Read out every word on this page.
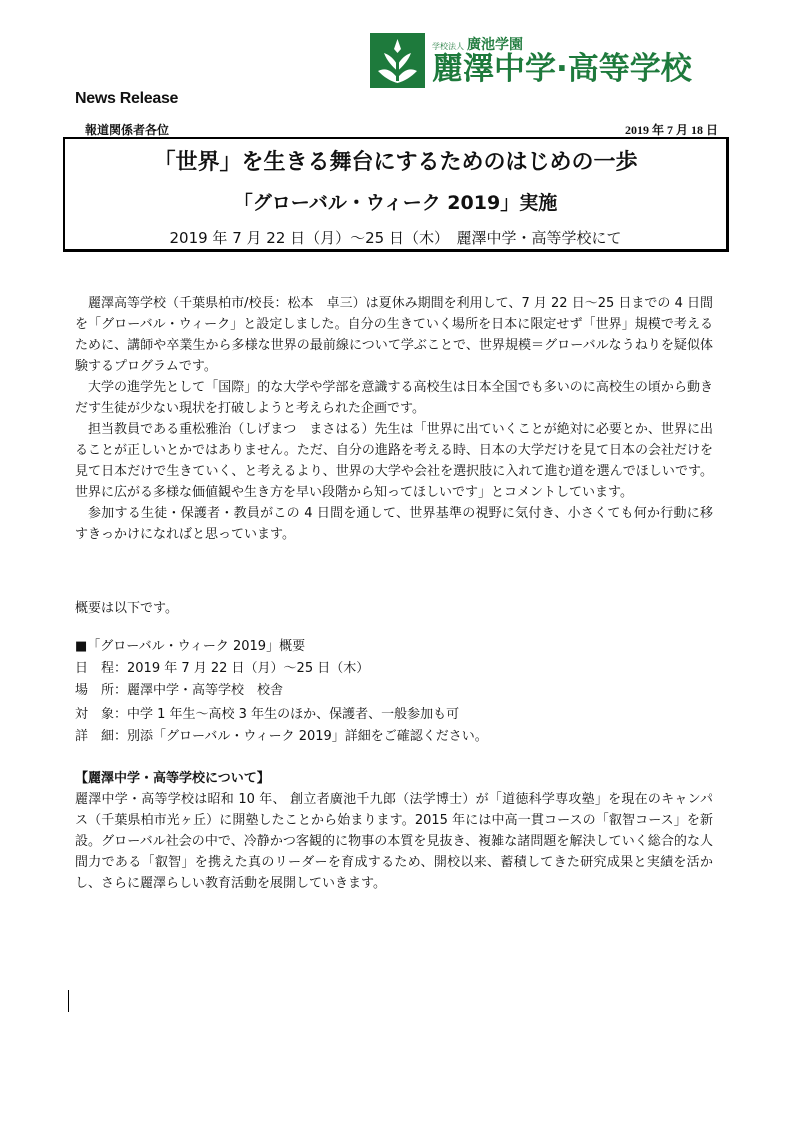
学校法人 廣池学園
麗澤中学·高等学校
News Release
報道関係者各位	2019 年 7 月 18 日
「世界」を生きる舞台にするためのはじめの一歩
「グローバル・ウィーク 2019」実施
2019 年 7 月 22 日（月）～25 日（木）　麗澤中学・高等学校にて

麗澤高等学校（千葉県柏市/校長：松本　卓三）は夏休み期間を利用して、7 月 22 日～25 日までの 4 日間を「グローバル・ウィーク」と設定しました。自分の生きていく場所を日本に限定せず「世界」規模で考えるために、講師や卒業生から多様な世界の最前線について学ぶことで、世界規模＝グローバルなうねりを疑似体験するプログラムです。

大学の進学先として「国際」的な大学や学部を意識する高校生は日本全国でも多いのに高校生の頃から動きだす生徒が少ない現状を打破しようと考えられた企画です。

担当教員である重松雅治（しげまつ　まさはる）先生は「世界に出ていくことが絶対に必要とか、世界に出ることが正しいとかではありません。ただ、自分の進路を考える時、日本の大学だけを見て日本の会社だけを見て日本だけで生きていく、と考えるより、世界の大学や会社を選択肢に入れて進む道を選んでほしいです。世界に広がる多様な価値観や生き方を早い段階から知ってほしいです」とコメントしています。

参加する生徒・保護者・教員がこの 4 日間を通して、世界基準の視野に気付き、小さくても何か行動に移すきっかけになればと思っています。

概要は以下です。
■「グローバル・ウィーク 2019」概要
日　程：2019 年 7 月 22 日（月）～25 日（木）
場　所：麗澤中学・高等学校　校舎
対　象：中学 1 年生～高校 3 年生のほか、保護者、一般参加も可
詳　細：別添「グローバル・ウィーク 2019」詳細をご確認ください。
【麗澤中学・高等学校について】
麗澤中学・高等学校は昭和 10 年、 創立者廣池千九郎（法学博士）が「道徳科学専攻塾」を現在のキャンパス（千葉県柏市光ヶ丘）に開塾したことから始まります。2015 年には中高一貫コースの「叡智コース」を新設。グローバル社会の中で、冷静かつ客観的に物事の本質を見抜き、複雑な諸問題を解決していく総合的な人間力である「叡智」を携えた真のリーダーを育成するため、開校以来、蓄積してきた研究成果と実績を活かし、さらに麗澤らしい教育活動を展開していきます。
